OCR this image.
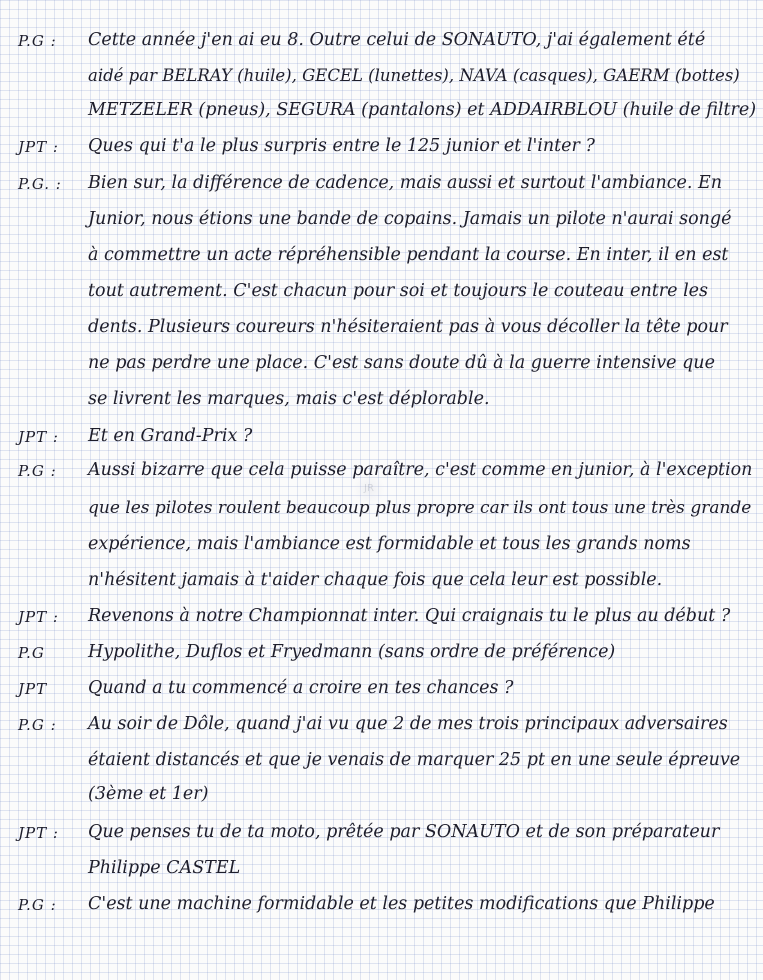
P.G :	Cette année j'en ai eu 8. Outre celui de SONAUTO, j'ai également été
aidé par BELRAY (huile), GECEL (lunettes), NAVA (casques), GAERM (bottes)
METZELER (pneus), SEGURA (pantalons) et ADDAIRBLOU (huile de filtre)
JPT :	Ques qui t'a le plus surpris entre le 125 junior et l'inter ?
P.G. :	Bien sur, la différence de cadence, mais aussi et surtout l'ambiance. En
Junior, nous étions une bande de copains. Jamais un pilote n'aurai songé
à commettre un acte répréhensible pendant la course. En inter, il en est
tout autrement. C'est chacun pour soi et toujours le couteau entre les
dents. Plusieurs coureurs n'hésiteraient pas à vous décoller la tête pour
ne pas perdre une place. C'est sans doute dû à la guerre intensive que
se livrent les marques, mais c'est déplorable.
JPT :	Et en Grand-Prix ?
P.G :	Aussi bizarre que cela puisse paraître, c'est comme en junior, à l'exception
que les pilotes roulent beaucoup plus propre car ils ont tous une très grande
expérience, mais l'ambiance est formidable et tous les grands noms
n'hésitent jamais à t'aider chaque fois que cela leur est possible.
JPT :	Revenons à notre Championnat inter. Qui craignais tu le plus au début ?
P.G	Hypolithe, Duflos et Fryedmann (sans ordre de préférence)
JPT	Quand a tu commencé a croire en tes chances ?
P.G :	Au soir de Dôle, quand j'ai vu que 2 de mes trois principaux adversaires
étaient distancés et que je venais de marquer 25 pt en une seule épreuve
(3ème et 1er)
JPT :	Que penses tu de ta moto, prêtée par SONAUTO et de son préparateur
Philippe CASTEL
P.G :	C'est une machine formidable et les petites modifications que Philippe
JR
